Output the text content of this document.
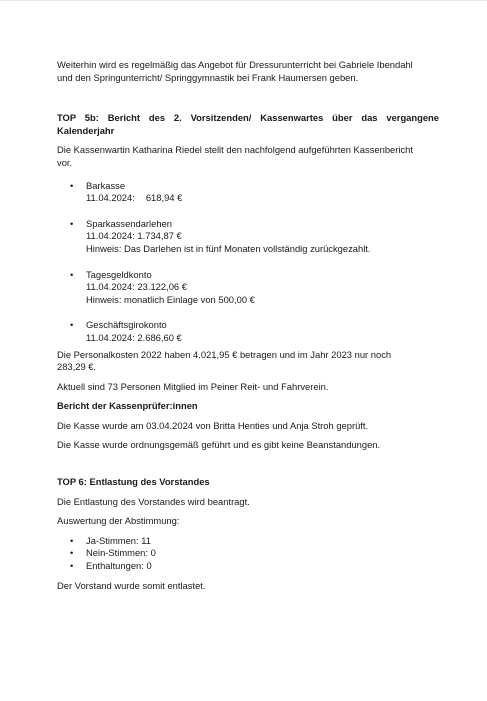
Weiterhin wird es regelmäßig das Angebot für Dressurunterricht bei Gabriele Ibendahl
und den Springunterricht/ Springgymnastik bei Frank Haumersen geben.

TOP 5b: Bericht des 2. Vorsitzenden/ Kassenwartes über das vergangene
Kalenderjahr

Die Kassenwartin Katharina Riedel stellt den nachfolgend aufgeführten Kassenbericht
vor.

• Barkasse
11.04.2024: 618,94 €
• Sparkassendarlehen
11.04.2024: 1.734,87 €
Hinweis: Das Darlehen ist in fünf Monaten vollständig zurückgezahlt.
• Tagesgeldkonto
11.04.2024: 23.122,06 €
Hinweis: monatlich Einlage von 500,00 €
• Geschäftsgirokonto
11.04.2024: 2.686,60 €

Die Personalkosten 2022 haben 4.021,95 € betragen und im Jahr 2023 nur noch
283,29 €.

Aktuell sind 73 Personen Mitglied im Peiner Reit- und Fahrverein.

Bericht der Kassenprüfer:innen

Die Kasse wurde am 03.04.2024 von Britta Henties und Anja Stroh geprüft.

Die Kasse wurde ordnungsgemäß geführt und es gibt keine Beanstandungen.

TOP 6: Entlastung des Vorstandes

Die Entlastung des Vorstandes wird beantragt.

Auswertung der Abstimmung:

• Ja-Stimmen: 11
• Nein-Stimmen: 0
• Enthaltungen: 0

Der Vorstand wurde somit entlastet.
